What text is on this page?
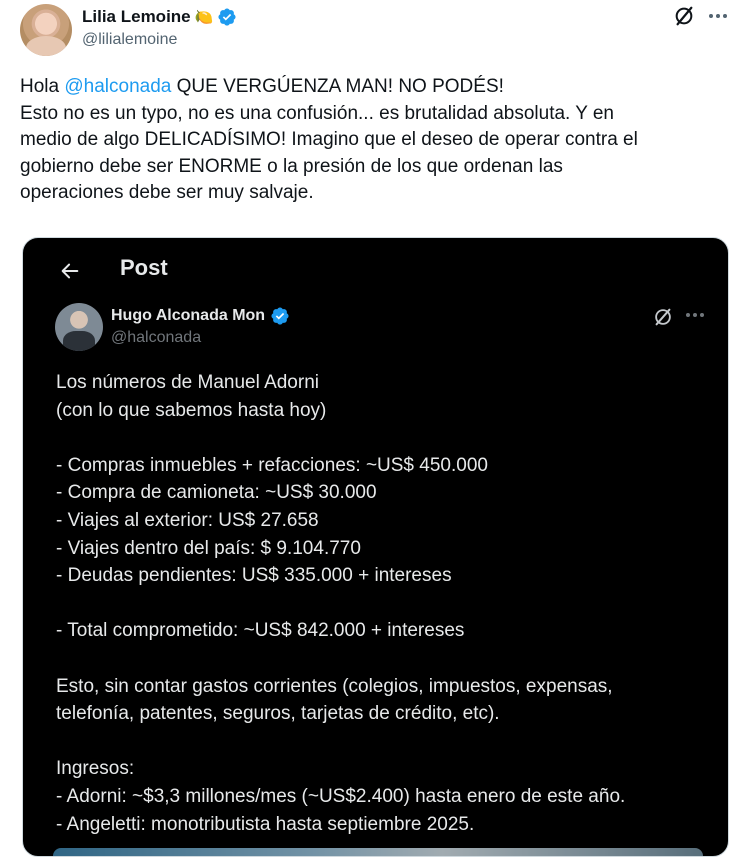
Lilia Lemoine 🍋
@lilialemoine
Hola @halconada QUE VERGÚENZA MAN! NO PODÉS!
Esto no es un typo, no es una confusión... es brutalidad absoluta. Y en
medio de algo DELICADÍSIMO! Imagino que el deseo de operar contra el
gobierno debe ser ENORME o la presión de los que ordenan las
operaciones debe ser muy salvaje.
Post
Hugo Alconada Mon
@halconada
Los números de Manuel Adorni
(con lo que sabemos hasta hoy)
- Compras inmuebles + refacciones: ~US$ 450.000
- Compra de camioneta: ~US$ 30.000
- Viajes al exterior: US$ 27.658
- Viajes dentro del país: $ 9.104.770
- Deudas pendientes: US$ 335.000 + intereses
- Total comprometido: ~US$ 842.000 + intereses
Esto, sin contar gastos corrientes (colegios, impuestos, expensas,
telefonía, patentes, seguros, tarjetas de crédito, etc).
Ingresos:
- Adorni: ~$3,3 millones/mes (~US$2.400) hasta enero de este año.
- Angeletti: monotributista hasta septiembre 2025.
